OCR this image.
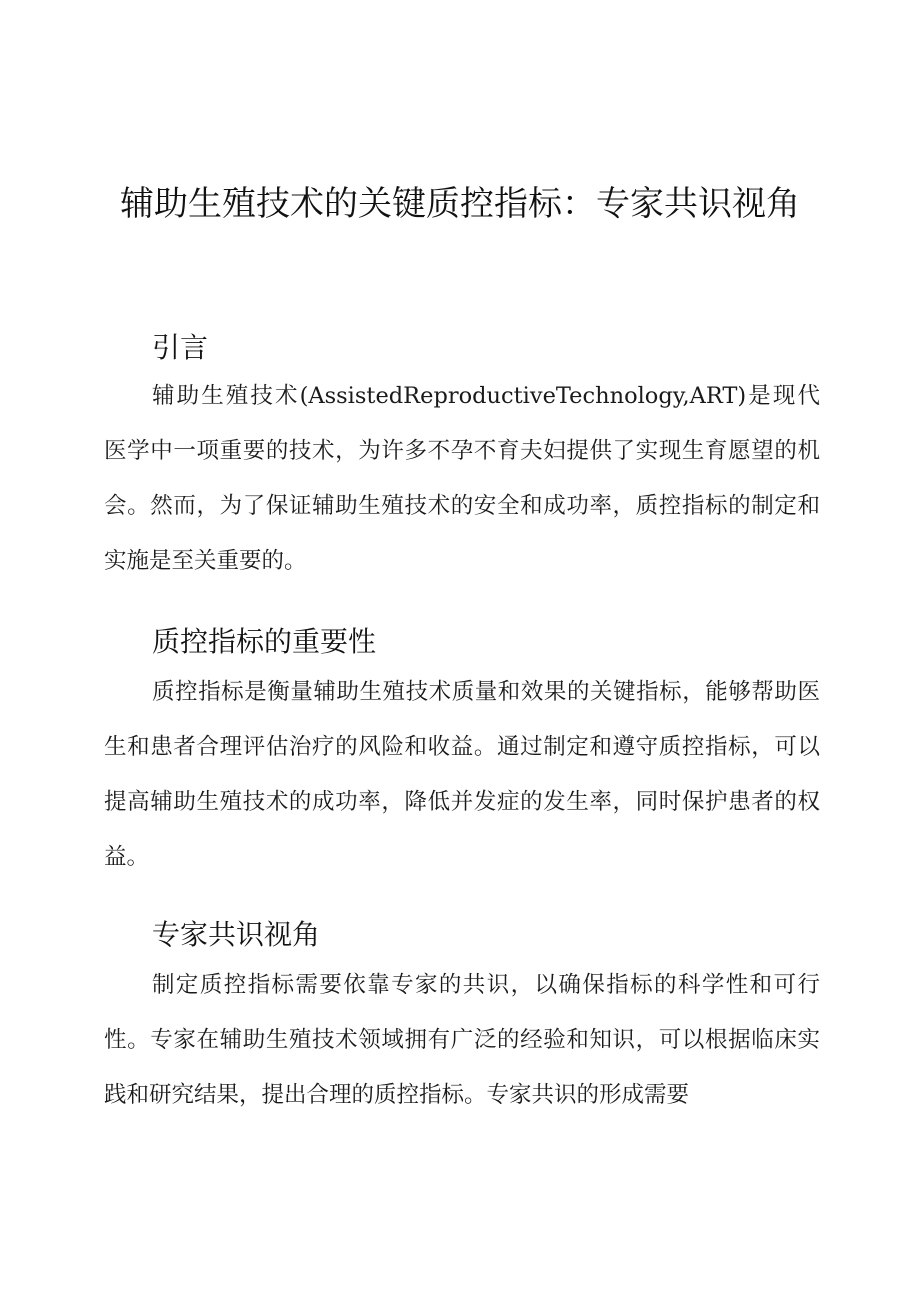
辅助生殖技术的关键质控指标：专家共识视角
引言

辅助生殖技术(AssistedReproductiveTechnology,ART)是现代医学中一项重要的技术，为许多不孕不育夫妇提供了实现生育愿望的机会。然而，为了保证辅助生殖技术的安全和成功率，质控指标的制定和实施是至关重要的。

质控指标的重要性

质控指标是衡量辅助生殖技术质量和效果的关键指标，能够帮助医生和患者合理评估治疗的风险和收益。通过制定和遵守质控指标，可以提高辅助生殖技术的成功率，降低并发症的发生率，同时保护患者的权益。

专家共识视角

制定质控指标需要依靠专家的共识，以确保指标的科学性和可行性。专家在辅助生殖技术领域拥有广泛的经验和知识，可以根据临床实践和研究结果，提出合理的质控指标。专家共识的形成需要
